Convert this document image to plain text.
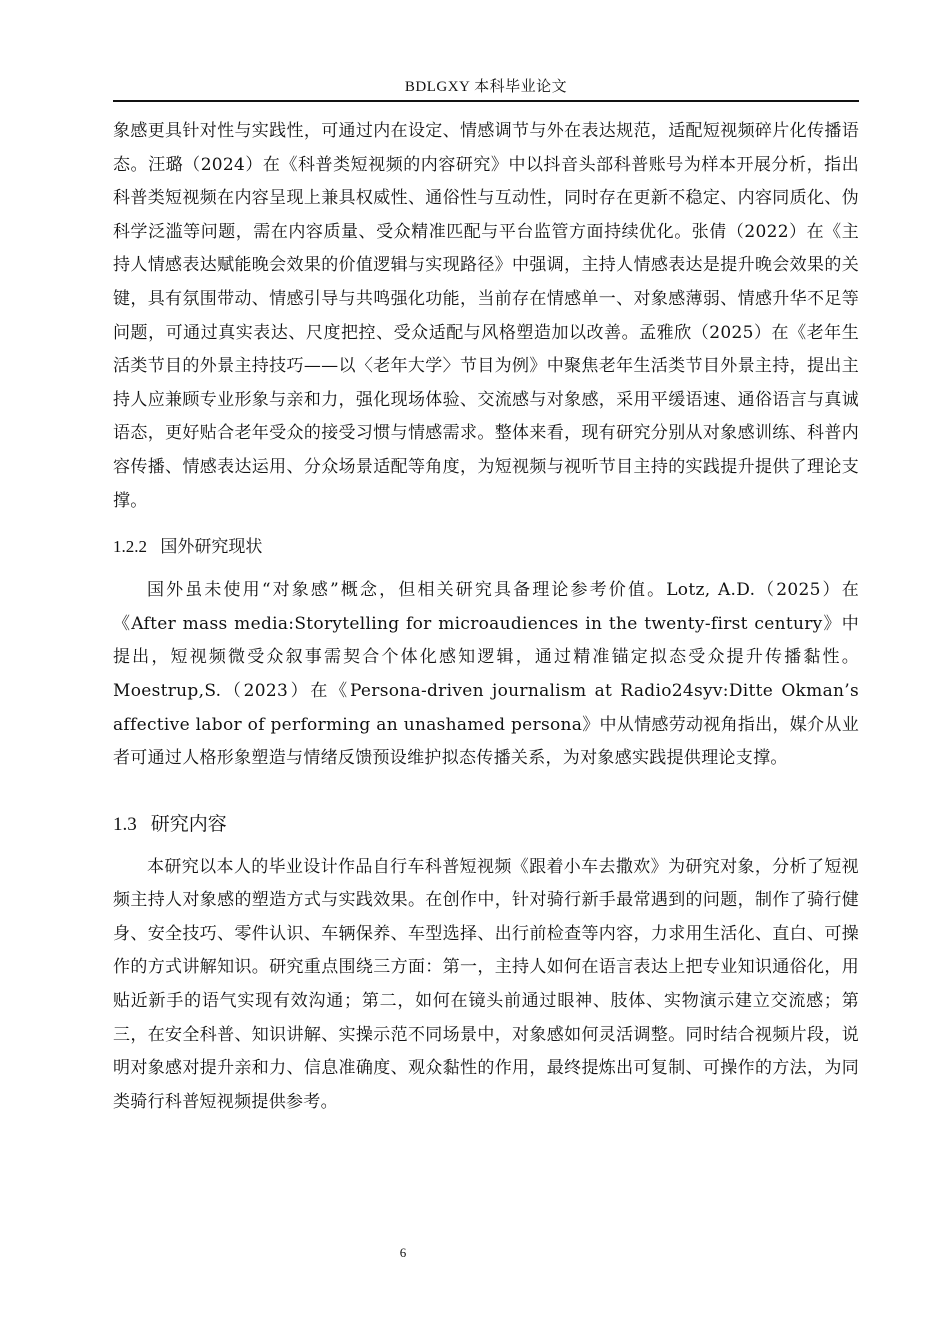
BDLGXY 本科毕业论文

象感更具针对性与实践性，可通过内在设定、情感调节与外在表达规范，适配短视频碎片化传播语态。汪璐（2024）在《科普类短视频的内容研究》中以抖音头部科普账号为样本开展分析，指出科普类短视频在内容呈现上兼具权威性、通俗性与互动性，同时存在更新不稳定、内容同质化、伪科学泛滥等问题，需在内容质量、受众精准匹配与平台监管方面持续优化。张倩（2022）在《主持人情感表达赋能晚会效果的价值逻辑与实现路径》中强调，主持人情感表达是提升晚会效果的关键，具有氛围带动、情感引导与共鸣强化功能，当前存在情感单一、对象感薄弱、情感升华不足等问题，可通过真实表达、尺度把控、受众适配与风格塑造加以改善。孟雅欣（2025）在《老年生活类节目的外景主持技巧——以〈老年大学〉节目为例》中聚焦老年生活类节目外景主持，提出主持人应兼顾专业形象与亲和力，强化现场体验、交流感与对象感，采用平缓语速、通俗语言与真诚语态，更好贴合老年受众的接受习惯与情感需求。整体来看，现有研究分别从对象感训练、科普内容传播、情感表达运用、分众场景适配等角度，为短视频与视听节目主持的实践提升提供了理论支撑。

1.2.2 国外研究现状

国外虽未使用“对象感”概念，但相关研究具备理论参考价值。Lotz, A.D.（2025）在《After mass media:Storytelling for microaudiences in the twenty-first century》中提出，短视频微受众叙事需契合个体化感知逻辑，通过精准锚定拟态受众提升传播黏性。Moestrup,S.（2023）在《Persona-driven journalism at Radio24syv:Ditte Okman’s affective labor of performing an unashamed persona》中从情感劳动视角指出，媒介从业者可通过人格形象塑造与情绪反馈预设维护拟态传播关系，为对象感实践提供理论支撑。

1.3 研究内容

本研究以本人的毕业设计作品自行车科普短视频《跟着小车去撒欢》为研究对象，分析了短视频主持人对象感的塑造方式与实践效果。在创作中，针对骑行新手最常遇到的问题，制作了骑行健身、安全技巧、零件认识、车辆保养、车型选择、出行前检查等内容，力求用生活化、直白、可操作的方式讲解知识。研究重点围绕三方面：第一，主持人如何在语言表达上把专业知识通俗化，用贴近新手的语气实现有效沟通；第二，如何在镜头前通过眼神、肢体、实物演示建立交流感；第三，在安全科普、知识讲解、实操示范不同场景中，对象感如何灵活调整。同时结合视频片段，说明对象感对提升亲和力、信息准确度、观众黏性的作用，最终提炼出可复制、可操作的方法，为同类骑行科普短视频提供参考。

6
